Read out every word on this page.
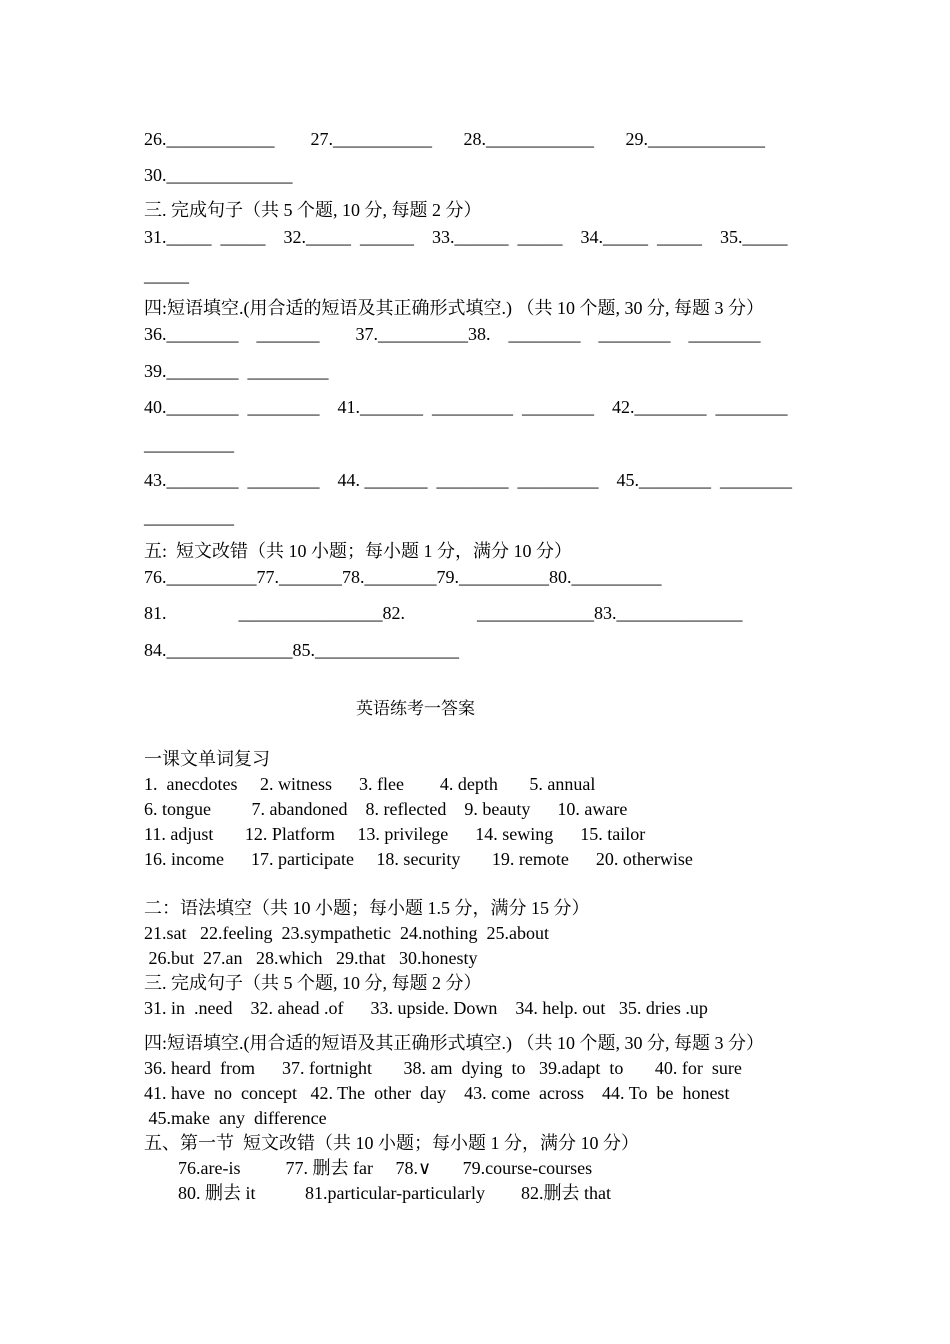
26.____________        27.___________       28.____________       29._____________
30.______________
三. 完成句子（共 5 个题, 10 分, 每题 2 分）
31._____  _____    32._____  ______    33.______  _____    34._____  _____    35._____
_____
四:短语填空.(用合适的短语及其正确形式填空.) （共 10 个题, 30 分, 每题 3 分）
36.________    _______        37.__________38.    ________    ________    ________
39.________  _________
40.________  ________    41._______  _________  ________    42.________  ________
__________
43.________  ________    44. _______  ________  _________    45.________  ________
__________
五:  短文改错（共 10 小题；每小题 1 分，满分 10 分）
76.__________77._______78.________79.__________80.__________
81.                ________________82.                _____________83.______________
84.______________85.________________
英语练考一答案
一课文单词复习
1.  anecdotes     2. witness      3. flee        4. depth       5. annual
6. tongue         7. abandoned    8. reflected    9. beauty      10. aware
11. adjust       12. Platform     13. privilege      14. sewing      15. tailor
16. income      17. participate     18. security       19. remote      20. otherwise
二：语法填空（共 10 小题；每小题 1.5 分，满分 15 分）
21.sat   22.feeling  23.sympathetic  24.nothing  25.about
26.but  27.an   28.which   29.that   30.honesty
三. 完成句子（共 5 个题, 10 分, 每题 2 分）
31. in  .need    32. ahead .of      33. upside. Down    34. help. out   35. dries .up
四:短语填空.(用合适的短语及其正确形式填空.) （共 10 个题, 30 分, 每题 3 分）
36. heard  from      37. fortnight       38. am  dying  to   39.adapt  to       40. for  sure
41. have  no  concept   42. The  other  day    43. come  across    44. To  be  honest
45.make  any  difference
五、第一节  短文改错（共 10 小题；每小题 1 分，满分 10 分）
76.are-is          77. 删去 far     78.∨       79.course-courses
80. 删去 it           81.particular-particularly        82.删去 that
